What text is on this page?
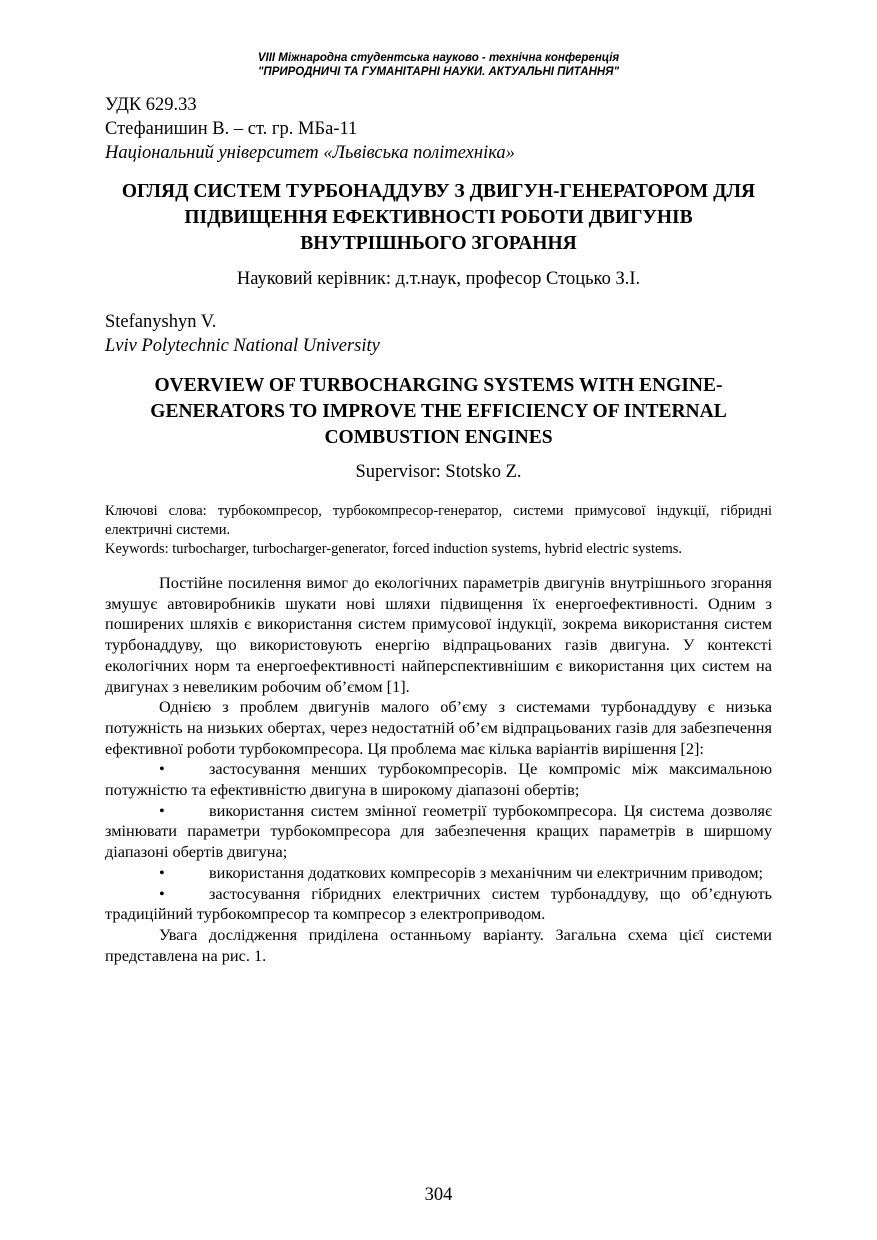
VIII Міжнародна студентська науково - технічна конференція
"ПРИРОДНИЧІ ТА ГУМАНІТАРНІ НАУКИ. АКТУАЛЬНІ ПИТАННЯ"
УДК 629.33
Стефанишин В. – ст. гр. МБа-11
Національний університет «Львівська політехніка»
ОГЛЯД СИСТЕМ ТУРБОНАДДУВУ З ДВИГУН-ГЕНЕРАТОРОМ ДЛЯ
ПІДВИЩЕННЯ ЕФЕКТИВНОСТІ РОБОТИ ДВИГУНІВ
ВНУТРІШНЬОГО ЗГОРАННЯ
Науковий керівник: д.т.наук, професор Стоцько З.І.
Stefanyshyn V.
Lviv Polytechnic National University
OVERVIEW OF TURBOCHARGING SYSTEMS WITH ENGINE-
GENERATORS TO IMPROVE THE EFFICIENCY OF INTERNAL
COMBUSTION ENGINES
Supervisor: Stotsko Z.
Ключові слова: турбокомпресор, турбокомпресор-генератор, системи примусової індукції, гібридні електричні системи.
Keywords: turbocharger, turbocharger-generator, forced induction systems, hybrid electric systems.

Постійне посилення вимог до екологічних параметрів двигунів внутрішнього згорання змушує автовиробників шукати нові шляхи підвищення їх енергоефективності. Одним з поширених шляхів є використання систем примусової індукції, зокрема використання систем турбонаддуву, що використовують енергію відпрацьованих газів двигуна. У контексті екологічних норм та енергоефективності найперспективнішим є використання цих систем на двигунах з невеликим робочим об’ємом [1].

Однією з проблем двигунів малого об’єму з системами турбонаддуву є низька потужність на низьких обертах, через недостатній об’єм відпрацьованих газів для забезпечення ефективної роботи турбокомпресора. Ця проблема має кілька варіантів вирішення [2]:

•	застосування менших турбокомпресорів. Це компроміс між максимальною потужністю та ефективністю двигуна в широкому діапазоні обертів;
•	використання систем змінної геометрії турбокомпресора. Ця система дозволяє змінювати параметри турбокомпресора для забезпечення кращих параметрів в ширшому діапазоні обертів двигуна;
•	використання додаткових компресорів з механічним чи електричним приводом;
•	застосування гібридних електричних систем турбонаддуву, що об’єднують традиційний турбокомпресор та компресор з електроприводом.

Увага дослідження приділена останньому варіанту. Загальна схема цієї системи представлена на рис. 1.

304
